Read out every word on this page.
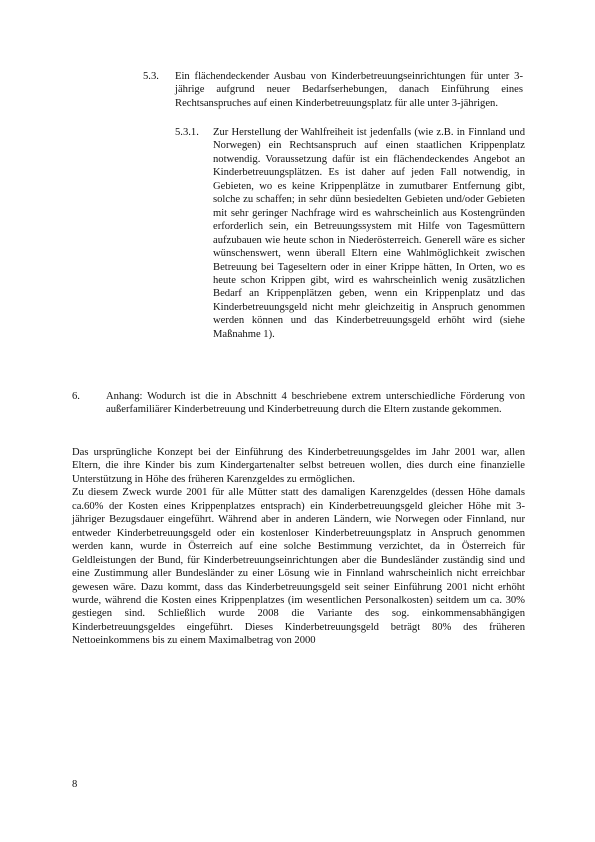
5.3. Ein flächendeckender Ausbau von Kinderbetreuungseinrichtungen für unter 3-jährige aufgrund neuer Bedarfserhebungen, danach Einführung eines Rechtsanspruches auf einen Kinderbetreuungsplatz für alle unter 3-jährigen.

5.3.1. Zur Herstellung der Wahlfreiheit ist jedenfalls (wie z.B. in Finnland und Norwegen) ein Rechtsanspruch auf einen staatlichen Krippenplatz notwendig. Voraussetzung dafür ist ein flächendeckendes Angebot an Kinderbetreuungsplätzen. Es ist daher auf jeden Fall notwendig, in Gebieten, wo es keine Krippenplätze in zumutbarer Entfernung gibt, solche zu schaffen; in sehr dünn besiedelten Gebieten und/oder Gebieten mit sehr geringer Nachfrage wird es wahrscheinlich aus Kostengründen erforderlich sein, ein Betreuungssystem mit Hilfe von Tagesmüttern aufzubauen wie heute schon in Niederösterreich. Generell wäre es sicher wünschenswert, wenn überall Eltern eine Wahlmöglichkeit zwischen Betreuung bei Tageseltern oder in einer Krippe hätten, In Orten, wo es heute schon Krippen gibt, wird es wahrscheinlich wenig zusätzlichen Bedarf an Krippenplätzen geben, wenn ein Krippenplatz und das Kinderbetreuungsgeld nicht mehr gleichzeitig in Anspruch genommen werden können und das Kinderbetreuungsgeld erhöht wird (siehe Maßnahme 1).

6. Anhang: Wodurch ist die in Abschnitt 4 beschriebene extrem unterschiedliche Förderung von außerfamiliärer Kinderbetreuung und Kinderbetreuung durch die Eltern zustande gekommen.

Das ursprüngliche Konzept bei der Einführung des Kinderbetreuungsgeldes im Jahr 2001 war, allen Eltern, die ihre Kinder bis zum Kindergartenalter selbst betreuen wollen, dies durch eine finanzielle Unterstützung in Höhe des früheren Karenzgeldes zu ermöglichen.

Zu diesem Zweck wurde 2001 für alle Mütter statt des damaligen Karenzgeldes (dessen Höhe damals ca.60% der Kosten eines Krippenplatzes entsprach) ein Kinderbetreuungsgeld gleicher Höhe mit 3-jähriger Bezugsdauer eingeführt. Während aber in anderen Ländern, wie Norwegen oder Finnland, nur entweder Kinderbetreuungsgeld oder ein kostenloser Kinderbetreuungsplatz in Anspruch genommen werden kann, wurde in Österreich auf eine solche Bestimmung verzichtet, da in Österreich für Geldleistungen der Bund, für Kinderbetreuungseinrichtungen aber die Bundesländer zuständig sind und eine Zustimmung aller Bundesländer zu einer Lösung wie in Finnland wahrscheinlich nicht erreichbar gewesen wäre. Dazu kommt, dass das Kinderbetreuungsgeld seit seiner Einführung 2001 nicht erhöht wurde, während die Kosten eines Krippenplatzes (im wesentlichen Personalkosten) seitdem um ca. 30% gestiegen sind. Schließlich wurde 2008 die Variante des sog. einkommensabhängigen Kinderbetreuungsgeldes eingeführt. Dieses Kinderbetreuungsgeld beträgt 80% des früheren Nettoeinkommens bis zu einem Maximalbetrag von 2000

8
